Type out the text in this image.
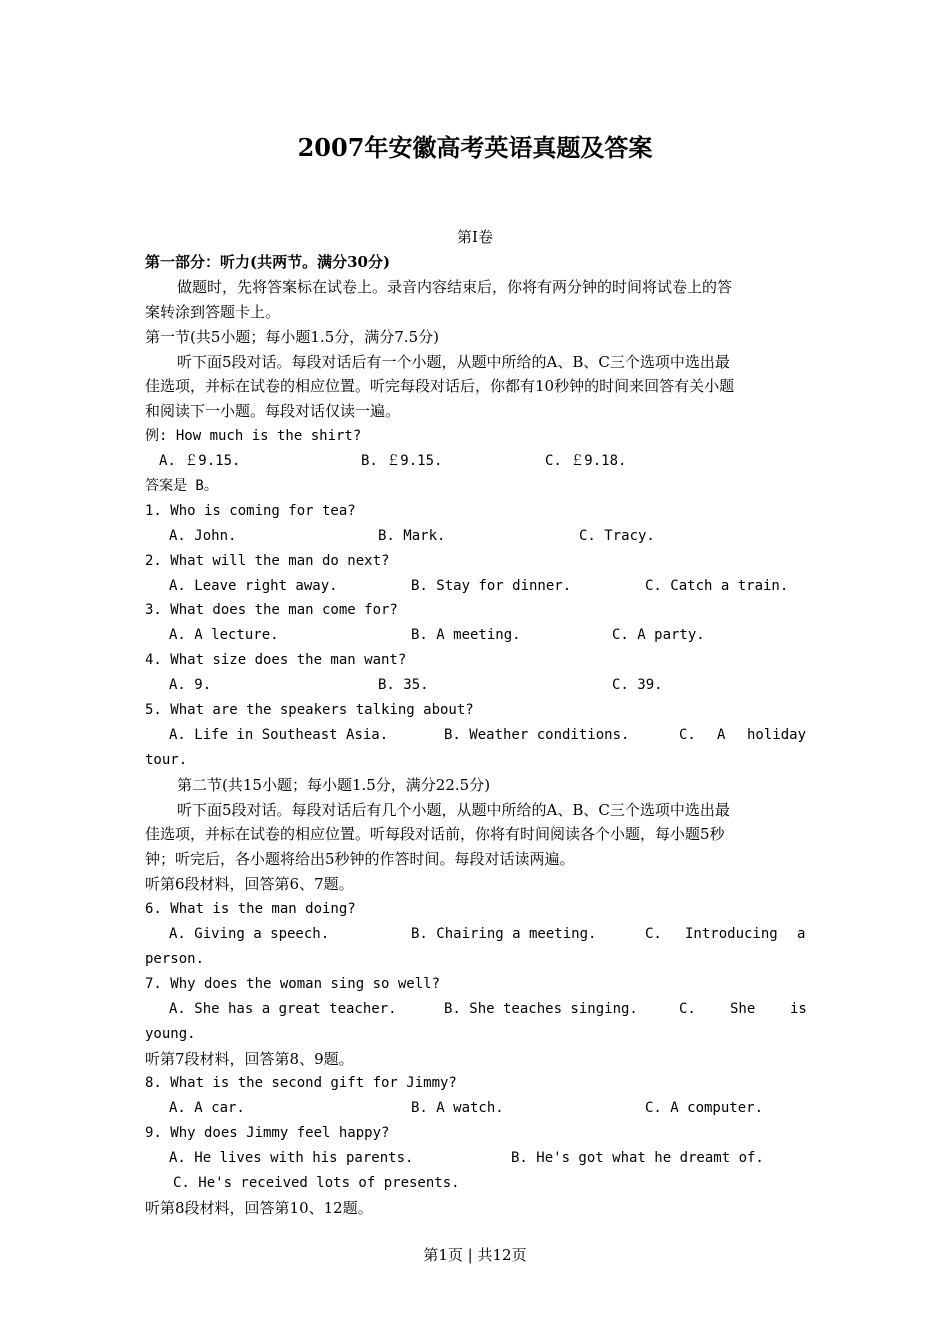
2007年安徽高考英语真题及答案
第I卷
第一部分：听力(共两节。满分30分)
做题时，先将答案标在试卷上。录音内容结束后，你将有两分钟的时间将试卷上的答
案转涂到答题卡上。
第一节(共5小题；每小题1.5分，满分7.5分)
听下面5段对话。每段对话后有一个小题，从题中所给的A、B、C三个选项中选出最
佳选项，并标在试卷的相应位置。听完每段对话后，你都有10秒钟的时间来回答有关小题
和阅读下一小题。每段对话仅读一遍。
例: How much is the shirt?
A. ￡9.15.	B. ￡9.15.	C. ￡9.18.
答案是 B。
1. Who is coming for tea?
A. John.	B. Mark.	C. Tracy.
2. What will the man do next?
A. Leave right away.	B. Stay for dinner.	C. Catch a train.
3. What does the man come for?
A. A lecture.	B. A meeting.	C. A party.
4. What size does the man want?
A. 9.	B. 35.	C. 39.
5. What are the speakers talking about?
A. Life in Southeast Asia.	B. Weather conditions.	C. A holiday
tour.
第二节(共15小题；每小题1.5分，满分22.5分)
听下面5段对话。每段对话后有几个小题，从题中所给的A、B、C三个选项中选出最
佳选项，并标在试卷的相应位置。听每段对话前，你将有时间阅读各个小题，每小题5秒
钟；听完后，各小题将给出5秒钟的作答时间。每段对话读两遍。
听第6段材料，回答第6、7题。
6. What is the man doing?
A. Giving a speech.	B. Chairing a meeting.	C. Introducing a
person.
7. Why does the woman sing so well?
A. She has a great teacher.	B. She teaches singing.	C. She is
young.
听第7段材料，回答第8、9题。
8. What is the second gift for Jimmy?
A. A car.	B. A watch.	C. A computer.
9. Why does Jimmy feel happy?
A. He lives with his parents.	B. He's got what he dreamt of.
C. He's received lots of presents.
听第8段材料，回答第10、12题。
第1页 | 共12页
